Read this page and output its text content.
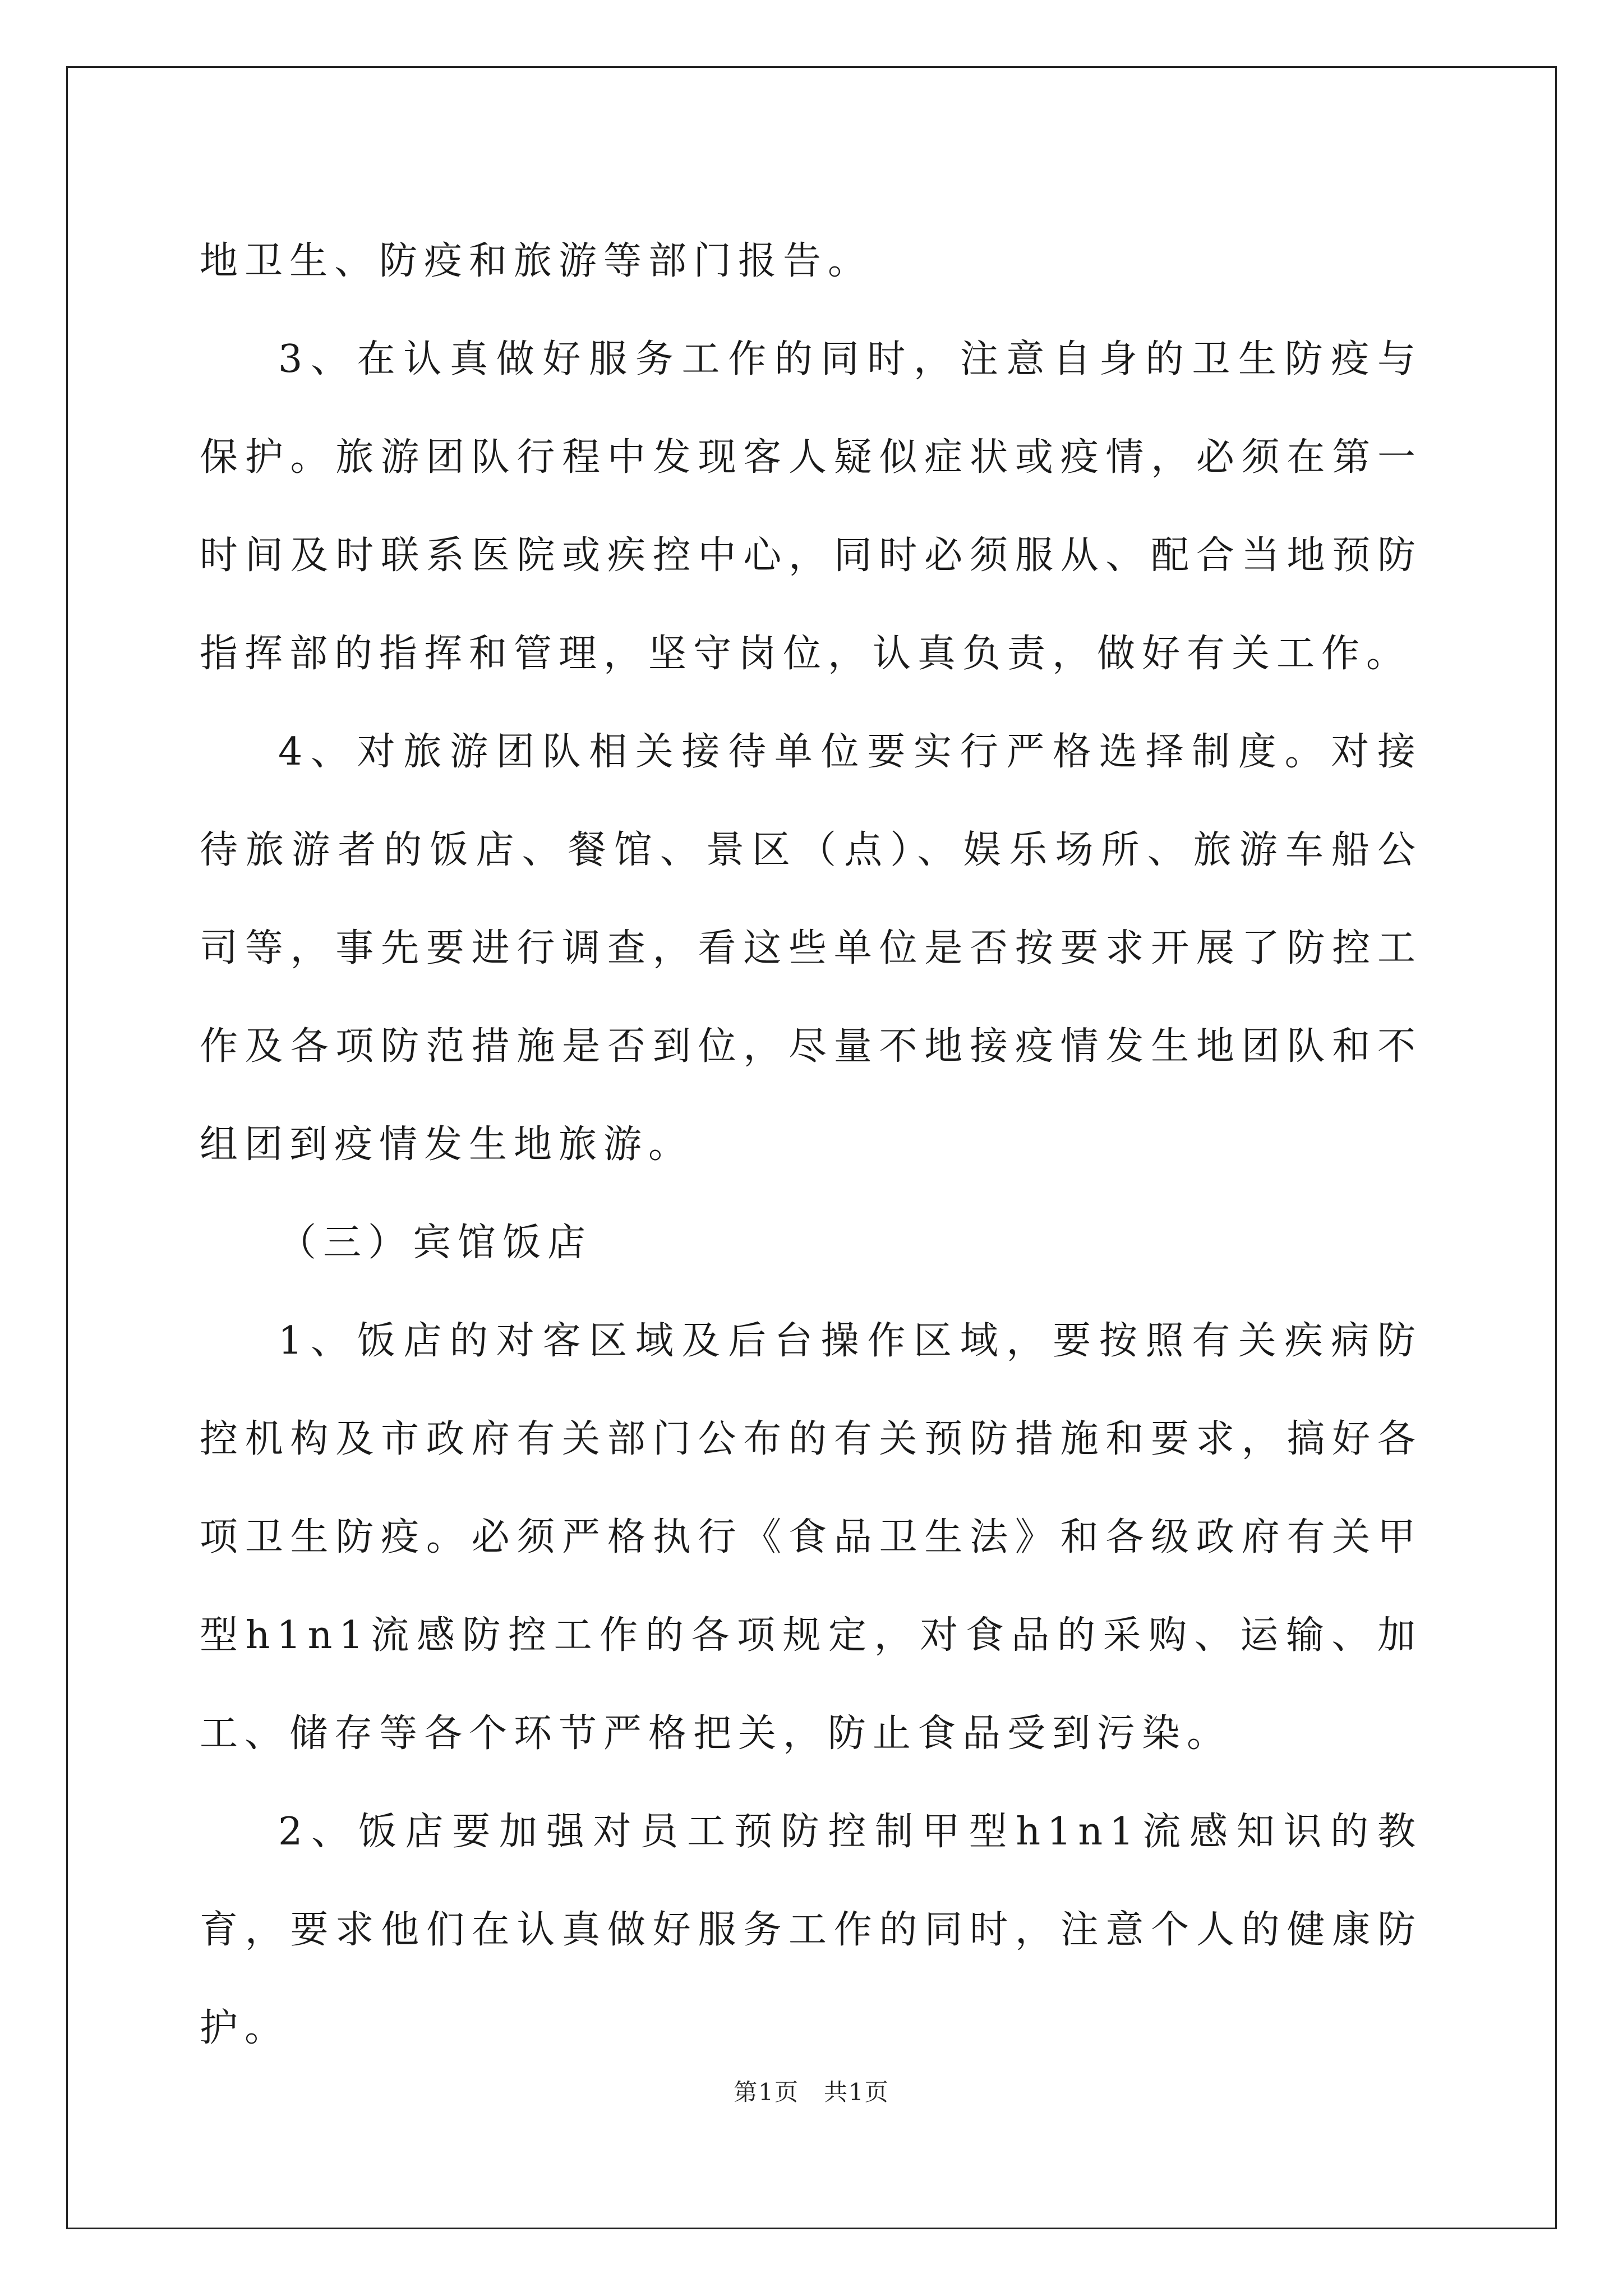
地卫生、防疫和旅游等部门报告。

3、在认真做好服务工作的同时，注意自身的卫生防疫与保护。旅游团队行程中发现客人疑似症状或疫情，必须在第一时间及时联系医院或疾控中心，同时必须服从、配合当地预防指挥部的指挥和管理，坚守岗位，认真负责，做好有关工作。

4、对旅游团队相关接待单位要实行严格选择制度。对接待旅游者的饭店、餐馆、景区（点）、娱乐场所、旅游车船公司等，事先要进行调查，看这些单位是否按要求开展了防控工作及各项防范措施是否到位，尽量不地接疫情发生地团队和不组团到疫情发生地旅游。

（三）宾馆饭店

1、饭店的对客区域及后台操作区域，要按照有关疾病防控机构及市政府有关部门公布的有关预防措施和要求，搞好各项卫生防疫。必须严格执行《食品卫生法》和各级政府有关甲型h1n1流感防控工作的各项规定，对食品的采购、运输、加工、储存等各个环节严格把关，防止食品受到污染。

2、饭店要加强对员工预防控制甲型h1n1流感知识的教育，要求他们在认真做好服务工作的同时，注意个人的健康防护。

第1页　共1页
